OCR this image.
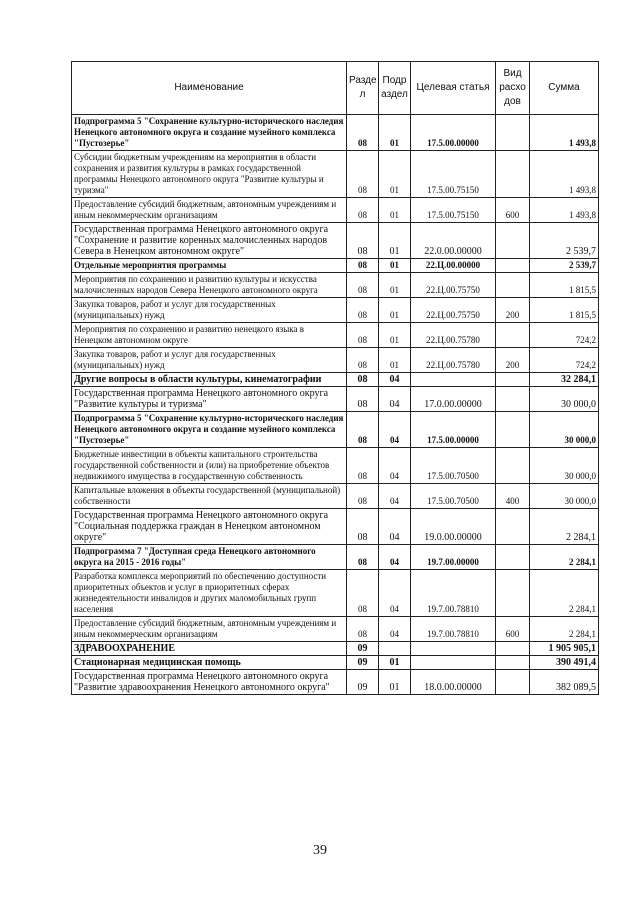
Наименование	Разде л	Подр аздел	Целевая статья	Вид расхо дов	Сумма
Подпрограмма 5 "Сохранение культурно-исторического наследия Ненецкого автономного округа и создание музейного комплекса "Пустозерье"	08	01	17.5.00.00000		1 493,8
Субсидии бюджетным учреждениям на мероприятия в области сохранения и развития культуры в рамках государственной программы Ненецкого автономного округа "Развитие культуры и туризма"	08	01	17.5.00.75150		1 493,8
Предоставление субсидий бюджетным, автономным учреждениям и иным некоммерческим организациям	08	01	17.5.00.75150	600	1 493,8
Государственная программа Ненецкого автономного округа "Сохранение и развитие коренных малочисленных народов Севера в Ненецком автономном округе"	08	01	22.0.00.00000		2 539,7
Отдельные мероприятия программы	08	01	22.Ц.00.00000		2 539,7
Мероприятия по сохранению и развитию культуры и искусства малочисленных народов Севера Ненецкого автономного округа	08	01	22.Ц.00.75750		1 815,5
Закупка товаров, работ и услуг для государственных (муниципальных) нужд	08	01	22.Ц.00.75750	200	1 815,5
Мероприятия по сохранению и развитию ненецкого языка в Ненецком автономном округе	08	01	22.Ц.00.75780		724,2
Закупка товаров, работ и услуг для государственных (муниципальных) нужд	08	01	22.Ц.00.75780	200	724,2
Другие вопросы в области культуры, кинематографии	08	04			32 284,1
Государственная программа Ненецкого автономного округа "Развитие культуры и туризма"	08	04	17.0.00.00000		30 000,0
Подпрограмма 5 "Сохранение культурно-исторического наследия Ненецкого автономного округа и создание музейного комплекса "Пустозерье"	08	04	17.5.00.00000		30 000,0
Бюджетные инвестиции в объекты капитального строительства государственной собственности и (или) на приобретение объектов недвижимого имущества в государственную собственность	08	04	17.5.00.70500		30 000,0
Капитальные вложения в объекты государственной (муниципальной) собственности	08	04	17.5.00.70500	400	30 000,0
Государственная программа Ненецкого автономного округа "Социальная поддержка граждан в Ненецком автономном округе"	08	04	19.0.00.00000		2 284,1
Подпрограмма 7 "Доступная среда Ненецкого автономного округа на 2015 - 2016 годы"	08	04	19.7.00.00000		2 284,1
Разработка комплекса мероприятий по обеспечению доступности приоритетных объектов и услуг в приоритетных сферах жизнедеятельности инвалидов и других маломобильных групп населения	08	04	19.7.00.78810		2 284,1
Предоставление субсидий бюджетным, автономным учреждениям и иным некоммерческим организациям	08	04	19.7.00.78810	600	2 284,1
ЗДРАВООХРАНЕНИЕ	09				1 905 905,1
Стационарная медицинская помощь	09	01			390 491,4
Государственная программа Ненецкого автономного округа "Развитие здравоохранения Ненецкого автономного округа"	09	01	18.0.00.00000		382 089,5
39
